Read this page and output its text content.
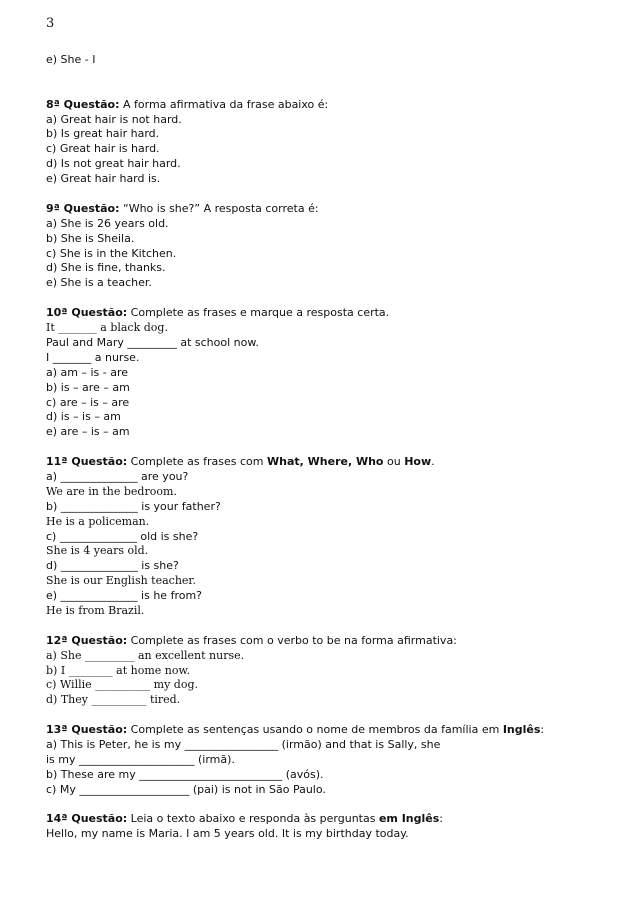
3
e) She - I
8ª Questão: A forma afirmativa da frase abaixo é:
a) Great hair is not hard.
b) Is great hair hard.
c) Great hair is hard.
d) Is not great hair hard.
e) Great hair hard is.
9ª Questão: “Who is she?” A resposta correta é:
a) She is 26 years old.
b) She is Sheila.
c) She is in the Kitchen.
d) She is fine, thanks.
e) She is a teacher.
10ª Questão: Complete as frases e marque a resposta certa.
It _______ a black dog.
Paul and Mary _________ at school now.
I _______ a nurse.
a) am – is - are
b) is – are – am
c) are – is – are
d) is – is – am
e) are – is – am
11ª Questão: Complete as frases com What, Where, Who ou How.
a) ______________ are you?
We are in the bedroom.
b) ______________ is your father?
He is a policeman.
c) ______________ old is she?
She is 4 years old.
d) ______________ is she?
She is our English teacher.
e) ______________ is he from?
He is from Brazil.
12ª Questão: Complete as frases com o verbo to be na forma afirmativa:
a) She _________ an excellent nurse.
b) I ________ at home now.
c) Willie __________ my dog.
d) They __________ tired.
13ª Questão: Complete as sentenças usando o nome de membros da família em Inglês:
a) This is Peter, he is my _________________ (irmão) and that is Sally, she
is my _____________________ (irmã).
b) These are my __________________________ (avós).
c) My ____________________ (pai) is not in São Paulo.
14ª Questão: Leia o texto abaixo e responda às perguntas em Inglês:
Hello, my name is Maria. I am 5 years old. It is my birthday today.
